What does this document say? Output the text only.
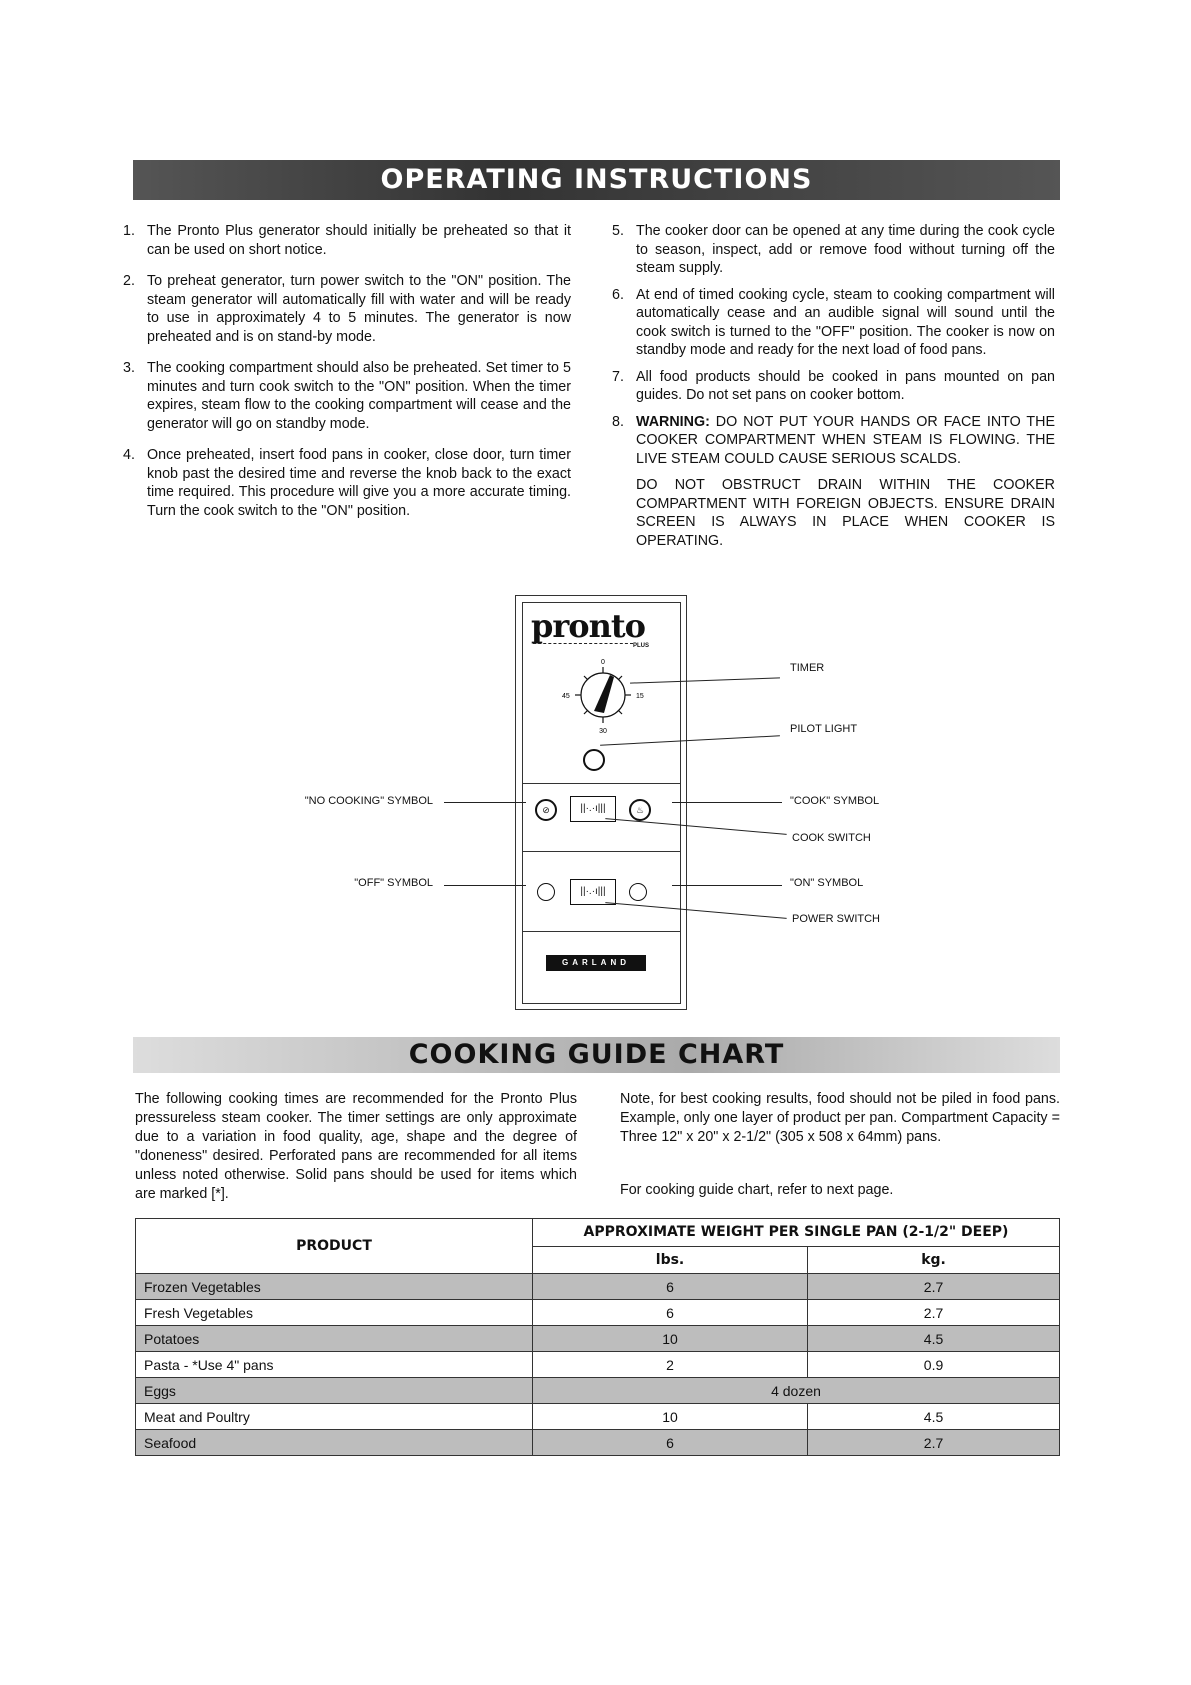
OPERATING INSTRUCTIONS
1. The Pronto Plus generator should initially be preheated so that it can be used on short notice.
2. To preheat generator, turn power switch to the "ON" position. The steam generator will automatically fill with water and will be ready to use in approximately 4 to 5 minutes. The generator is now preheated and is on stand-by mode.
3. The cooking compartment should also be preheated. Set timer to 5 minutes and turn cook switch to the "ON" position. When the timer expires, steam flow to the cooking compartment will cease and the generator will go on standby mode.
4. Once preheated, insert food pans in cooker, close door, turn timer knob past the desired time and reverse the knob back to the exact time required. This procedure will give you a more accurate timing. Turn the cook switch to the "ON" position.
5. The cooker door can be opened at any time during the cook cycle to season, inspect, add or remove food without turning off the steam supply.
6. At end of timed cooking cycle, steam to cooking compartment will automatically cease and an audible signal will sound until the cook switch is turned to the "OFF" position. The cooker is now on standby mode and ready for the next load of food pans.
7. All food products should be cooked in pans mounted on pan guides. Do not set pans on cooker bottom.
8. WARNING: DO NOT PUT YOUR HANDS OR FACE INTO THE COOKER COMPARTMENT WHEN STEAM IS FLOWING. THE LIVE STEAM COULD CAUSE SERIOUS SCALDS.
DO NOT OBSTRUCT DRAIN WITHIN THE COOKER COMPARTMENT WITH FOREIGN OBJECTS. ENSURE DRAIN SCREEN IS ALWAYS IN PLACE WHEN COOKER IS OPERATING.
pronto
PLUS
0
15
30
45
⊘	||·.·ı|||	♨
||·.·ı|||
GARLAND
TIMER
PILOT LIGHT
"COOK" SYMBOL
COOK SWITCH
"ON" SYMBOL
POWER SWITCH
"NO COOKING" SYMBOL
"OFF" SYMBOL
COOKING GUIDE CHART
The following cooking times are recommended for the Pronto Plus pressureless steam cooker. The timer settings are only approximate due to a variation in food quality, age, shape and the degree of "doneness" desired. Perforated pans are recommended for all items unless noted otherwise. Solid pans should be used for items which are marked [*].
Note, for best cooking results, food should not be piled in food pans. Example, only one layer of product per pan. Compartment Capacity = Three 12" x 20" x 2-1/2" (305 x 508 x 64mm) pans.
For cooking guide chart, refer to next page.
PRODUCT	APPROXIMATE WEIGHT PER SINGLE PAN (2-1/2" DEEP)	
	lbs.	kg.
Frozen Vegetables	6	2.7
Fresh Vegetables	6	2.7
Potatoes	10	4.5
Pasta - *Use 4" pans	2	0.9
Eggs	4 dozen	
Meat and Poultry	10	4.5
Seafood	6	2.7
